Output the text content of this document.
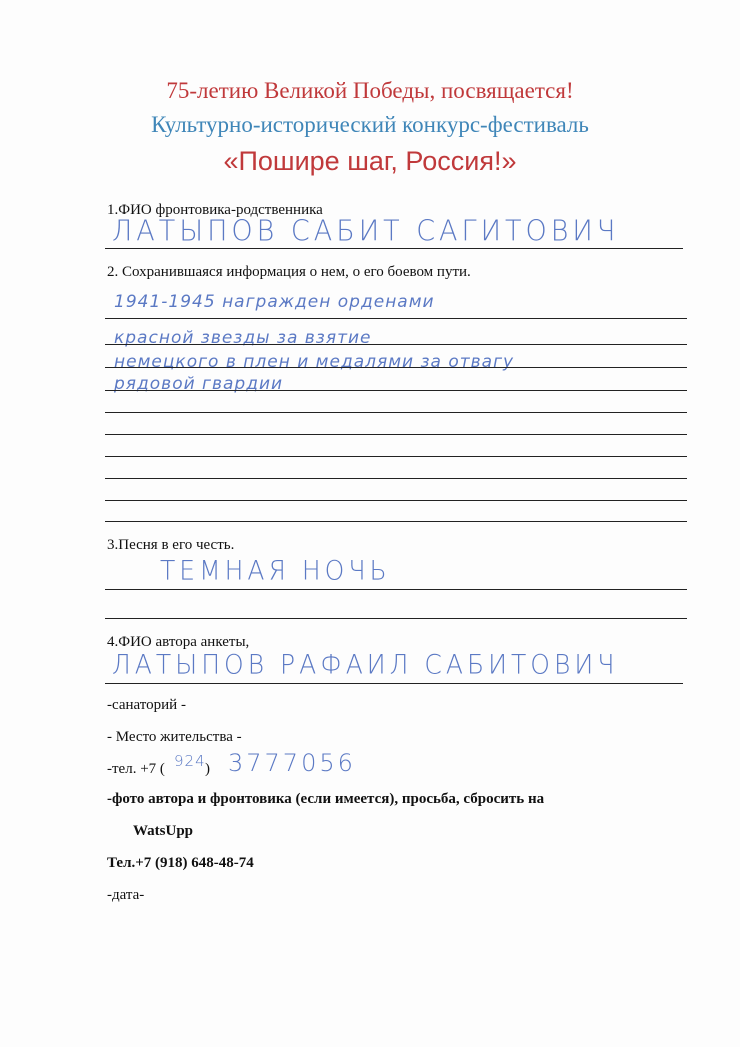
75-летию Великой Победы, посвящается!
Культурно-исторический конкурс-фестиваль
«Пошире шаг, Россия!»
1.ФИО фронтовика-родственника
ЛАТЫПОВ САБИТ САГИТОВИЧ
2. Сохранившаяся информация о нем, о его боевом пути.
1941-1945 награжден орденами
красной звезды за взятие
немецкого в плен и медалями за отвагу
рядовой гвардии
3.Песня в его честь.
ТЕМНАЯ НОЧЬ
4.ФИО автора анкеты,
ЛАТЫПОВ РАФАИЛ САБИТОВИЧ
-санаторий -
- Место жительства -
-тел. +7 ( 924 ) 3777056
-фото автора и фронтовика (если имеется), просьба, сбросить на
WatsUpp
Тел.+7 (918) 648-48-74
-дата-
